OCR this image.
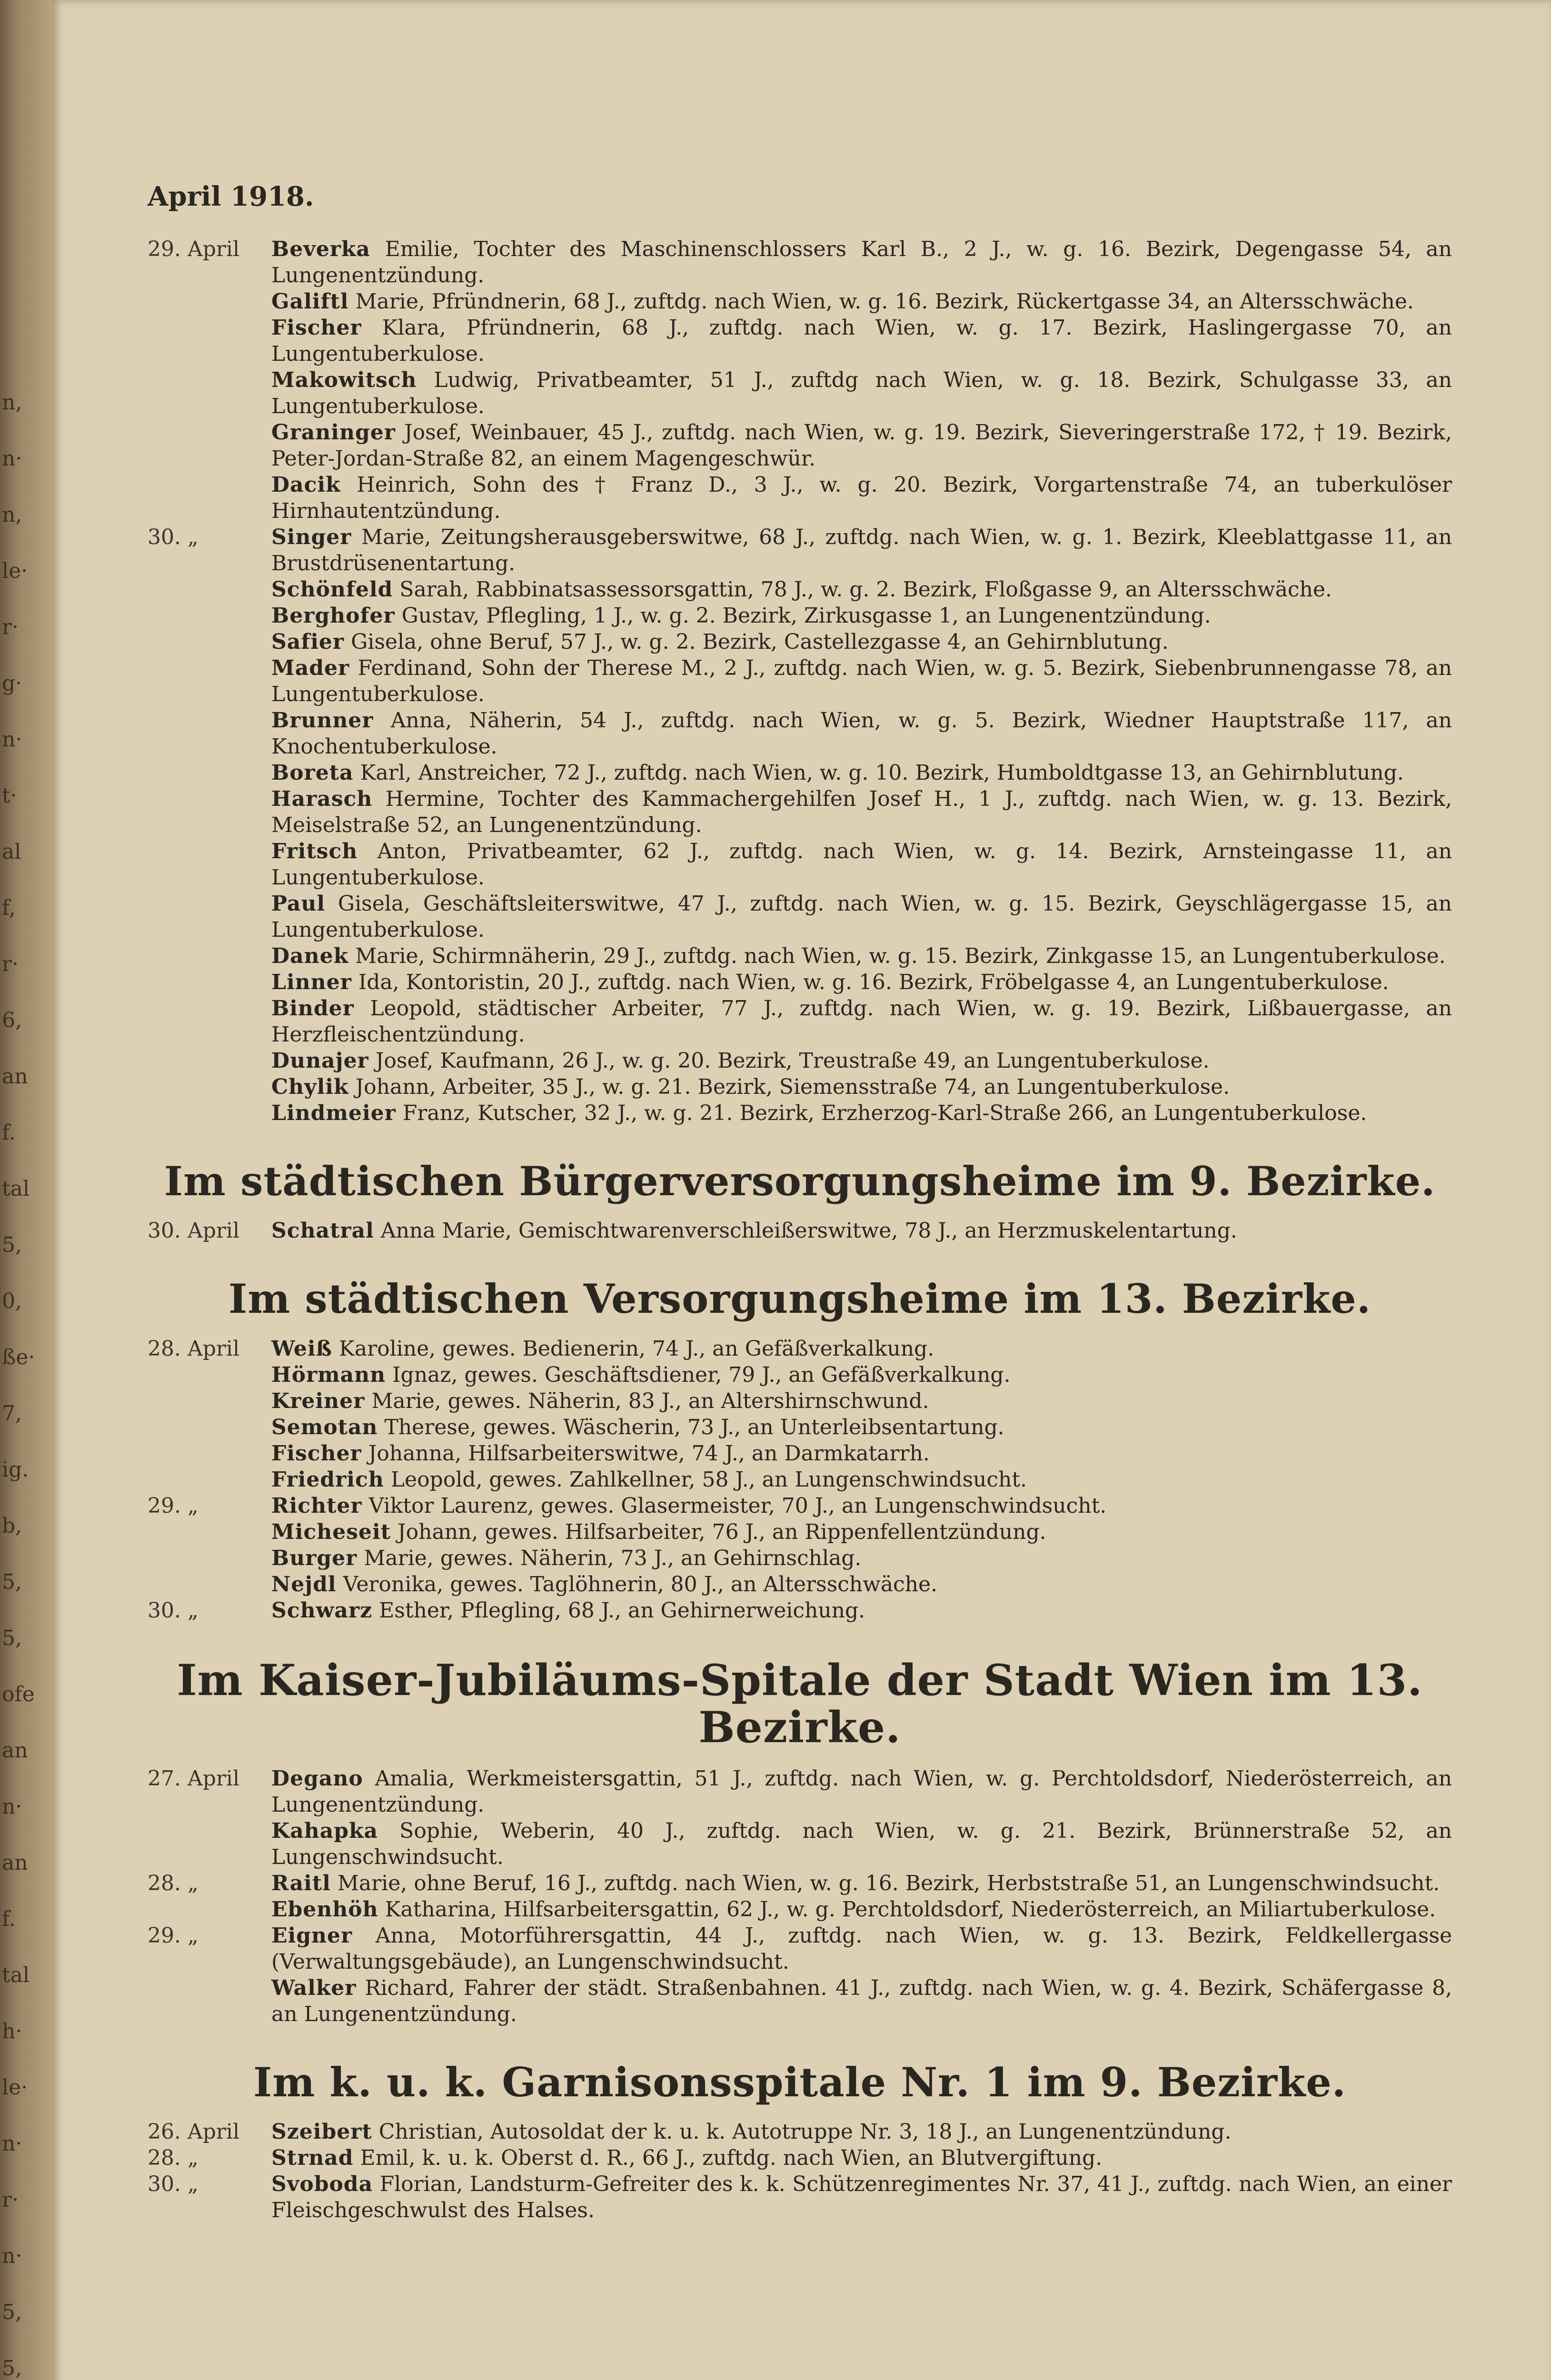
n,
n·
n,
le·
r·
g·
n·
t·
al
f,
r·
6,
an
f.
tal
5,
0,
ße·
7,
ig.
b,
5,
5,
ofe
an
n·
an
f.
tal
h·
le·
n·
r·
n·
5,
5,
April 1918.
29. April	Beverka Emilie, Tochter des Maschinenschlossers Karl B., 2 J., w. g. 16. Bezirk, Degengasse 54, an Lungenentzündung.
Galiftl Marie, Pfründnerin, 68 J., zuftdg. nach Wien, w. g. 16. Bezirk, Rückertgasse 34, an Altersschwäche.
Fischer Klara, Pfründnerin, 68 J., zuftdg. nach Wien, w. g. 17. Bezirk, Haslingergasse 70, an Lungentuberkulose.
Makowitsch Ludwig, Privatbeamter, 51 J., zuftdg nach Wien, w. g. 18. Bezirk, Schulgasse 33, an Lungentuberkulose.
Graninger Josef, Weinbauer, 45 J., zuftdg. nach Wien, w. g. 19. Bezirk, Sieveringerstraße 172, † 19. Bezirk, Peter-Jordan-Straße 82, an einem Magengeschwür.
Dacik Heinrich, Sohn des † Franz D., 3 J., w. g. 20. Bezirk, Vorgartenstraße 74, an tuberkulöser Hirnhautentzündung.
30. „	Singer Marie, Zeitungsherausgeberswitwe, 68 J., zuftdg. nach Wien, w. g. 1. Bezirk, Kleeblattgasse 11, an Brustdrüsenentartung.
Schönfeld Sarah, Rabbinatsassessorsgattin, 78 J., w. g. 2. Bezirk, Floßgasse 9, an Altersschwäche.
Berghofer Gustav, Pflegling, 1 J., w. g. 2. Bezirk, Zirkusgasse 1, an Lungenentzündung.
Safier Gisela, ohne Beruf, 57 J., w. g. 2. Bezirk, Castellezgasse 4, an Gehirnblutung.
Mader Ferdinand, Sohn der Therese M., 2 J., zuftdg. nach Wien, w. g. 5. Bezirk, Siebenbrunnengasse 78, an Lungentuberkulose.
Brunner Anna, Näherin, 54 J., zuftdg. nach Wien, w. g. 5. Bezirk, Wiedner Hauptstraße 117, an Knochentuberkulose.
Boreta Karl, Anstreicher, 72 J., zuftdg. nach Wien, w. g. 10. Bezirk, Humboldtgasse 13, an Gehirnblutung.
Harasch Hermine, Tochter des Kammachergehilfen Josef H., 1 J., zuftdg. nach Wien, w. g. 13. Bezirk, Meiselstraße 52, an Lungenentzündung.
Fritsch Anton, Privatbeamter, 62 J., zuftdg. nach Wien, w. g. 14. Bezirk, Arnsteingasse 11, an Lungentuberkulose.
Paul Gisela, Geschäftsleiterswitwe, 47 J., zuftdg. nach Wien, w. g. 15. Bezirk, Geyschlägergasse 15, an Lungentuberkulose.
Danek Marie, Schirmnäherin, 29 J., zuftdg. nach Wien, w. g. 15. Bezirk, Zinkgasse 15, an Lungentuberkulose.
Linner Ida, Kontoristin, 20 J., zuftdg. nach Wien, w. g. 16. Bezirk, Fröbelgasse 4, an Lungentuberkulose.
Binder Leopold, städtischer Arbeiter, 77 J., zuftdg. nach Wien, w. g. 19. Bezirk, Lißbauergasse, an Herzfleischentzündung.
Dunajer Josef, Kaufmann, 26 J., w. g. 20. Bezirk, Treustraße 49, an Lungentuberkulose.
Chylik Johann, Arbeiter, 35 J., w. g. 21. Bezirk, Siemensstraße 74, an Lungentuberkulose.
Lindmeier Franz, Kutscher, 32 J., w. g. 21. Bezirk, Erzherzog-Karl-Straße 266, an Lungentuberkulose.
Im städtischen Bürgerversorgungsheime im 9. Bezirke.
30. April	Schatral Anna Marie, Gemischtwarenverschleißerswitwe, 78 J., an Herzmuskelentartung.
Im städtischen Versorgungsheime im 13. Bezirke.
28. April	Weiß Karoline, gewes. Bedienerin, 74 J., an Gefäßverkalkung.
Hörmann Ignaz, gewes. Geschäftsdiener, 79 J., an Gefäßverkalkung.
Kreiner Marie, gewes. Näherin, 83 J., an Altershirnschwund.
Semotan Therese, gewes. Wäscherin, 73 J., an Unterleibsentartung.
Fischer Johanna, Hilfsarbeiterswitwe, 74 J., an Darmkatarrh.
Friedrich Leopold, gewes. Zahlkellner, 58 J., an Lungenschwindsucht.
29. „	Richter Viktor Laurenz, gewes. Glasermeister, 70 J., an Lungenschwindsucht.
Micheseit Johann, gewes. Hilfsarbeiter, 76 J., an Rippenfellentzündung.
Burger Marie, gewes. Näherin, 73 J., an Gehirnschlag.
Nejdl Veronika, gewes. Taglöhnerin, 80 J., an Altersschwäche.
30. „	Schwarz Esther, Pflegling, 68 J., an Gehirnerweichung.
Im Kaiser-Jubiläums-Spitale der Stadt Wien im 13. Bezirke.
27. April	Degano Amalia, Werkmeistersgattin, 51 J., zuftdg. nach Wien, w. g. Perchtoldsdorf, Niederösterreich, an Lungenentzündung.
Kahapka Sophie, Weberin, 40 J., zuftdg. nach Wien, w. g. 21. Bezirk, Brünnerstraße 52, an Lungenschwindsucht.
28. „	Raitl Marie, ohne Beruf, 16 J., zuftdg. nach Wien, w. g. 16. Bezirk, Herbststraße 51, an Lungenschwindsucht.
Ebenhöh Katharina, Hilfsarbeitersgattin, 62 J., w. g. Perchtoldsdorf, Niederösterreich, an Miliartuberkulose.
29. „	Eigner Anna, Motorführersgattin, 44 J., zuftdg. nach Wien, w. g. 13. Bezirk, Feldkellergasse (Verwaltungsgebäude), an Lungenschwindsucht.
Walker Richard, Fahrer der städt. Straßenbahnen. 41 J., zuftdg. nach Wien, w. g. 4. Bezirk, Schäfergasse 8, an Lungenentzündung.
Im k. u. k. Garnisonsspitale Nr. 1 im 9. Bezirke.
26. April	Szeibert Christian, Autosoldat der k. u. k. Autotruppe Nr. 3, 18 J., an Lungenentzündung.
28. „	Strnad Emil, k. u. k. Oberst d. R., 66 J., zuftdg. nach Wien, an Blutvergiftung.
30. „	Svoboda Florian, Landsturm-Gefreiter des k. k. Schützenregimentes Nr. 37, 41 J., zuftdg. nach Wien, an einer Fleischgeschwulst des Halses.
